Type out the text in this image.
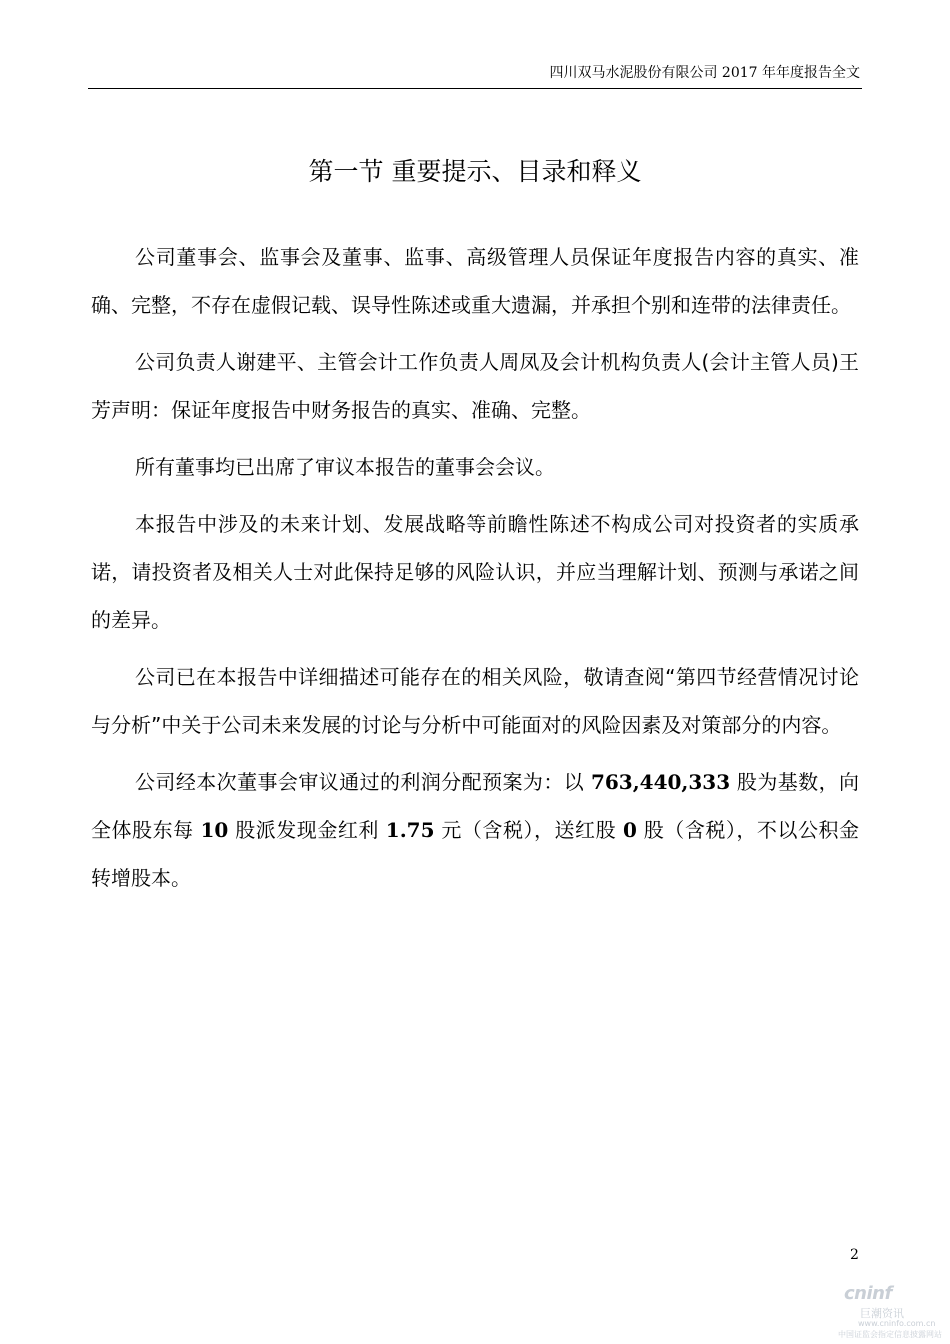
四川双马水泥股份有限公司 2017 年年度报告全文
第一节 重要提示、目录和释义

公司董事会、监事会及董事、监事、高级管理人员保证年度报告内容的真实、准确、完整，不存在虚假记载、误导性陈述或重大遗漏，并承担个别和连带的法律责任。

公司负责人谢建平、主管会计工作负责人周凤及会计机构负责人(会计主管人员)王芳声明：保证年度报告中财务报告的真实、准确、完整。

所有董事均已出席了审议本报告的董事会会议。

本报告中涉及的未来计划、发展战略等前瞻性陈述不构成公司对投资者的实质承诺，请投资者及相关人士对此保持足够的风险认识，并应当理解计划、预测与承诺之间的差异。

公司已在本报告中详细描述可能存在的相关风险，敬请查阅“第四节经营情况讨论与分析”中关于公司未来发展的讨论与分析中可能面对的风险因素及对策部分的内容。

公司经本次董事会审议通过的利润分配预案为：以 763,440,333 股为基数，向全体股东每 10 股派发现金红利 1.75 元（含税），送红股 0 股（含税），不以公积金转增股本。

2
cninf
巨潮资讯
www.cninfo.com.cn
中国证监会指定信息披露网站
